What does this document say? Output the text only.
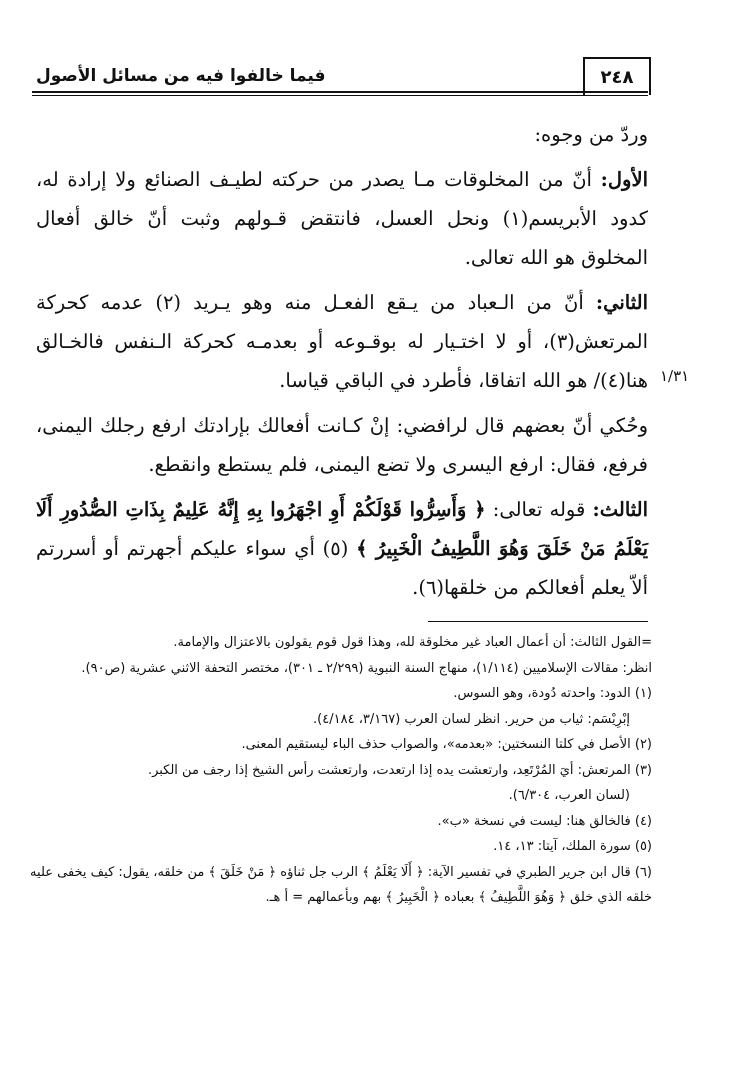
٢٤٨
فيما خالفوا فيه من مسائل الأصول
١/٣١

وردّ من وجوه:

الأول: أنّ من المخلوقات مـا يصدر من حركته لطيـف الصنائع ولا إرادة له، كدود الأبريسم(١) ونحل العسل، فانتقض قـولهم وثبت أنّ خالق أفعال المخلوق هو الله تعالى.

الثاني: أنّ من الـعباد من يـقع الفعـل منه وهو يـريد (٢) عدمه كحركة المرتعش(٣)، أو لا اختـيار له بوقـوعه أو بعدمـه كحركة الـنفس فالخـالق هنا(٤)/ هو الله اتفاقا، فأطرد في الباقي قياسا.

وحُكي أنّ بعضهم قال لرافضي: إنْ كـانت أفعالك بإرادتك ارفع رجلك اليمنى، فرفع، فقال: ارفع اليسرى ولا تضع اليمنى، فلم يستطع وانقطع.

الثالث: قوله تعالى: ﴿ وَأَسِرُّوا قَوْلَكُمْ أَوِ اجْهَرُوا بِهِ إِنَّهُ عَلِيمٌ بِذَاتِ الصُّدُورِ أَلَا يَعْلَمُ مَنْ خَلَقَ وَهُوَ اللَّطِيفُ الْخَبِيرُ ﴾ (٥) أي سواء عليكم أجهرتم أو أسررتم ألاّ يعلم أفعالكم من خلقها(٦).

=القول الثالث: أن أعمال العباد غير مخلوقة لله، وهذا قول قوم يقولون بالاعتزال والإمامة.

انظر: مقالات الإسلاميين (١/١١٤)، منهاج السنة النبوية (٢/٢٩٩ ـ ٣٠١)، مختصر التحفة الاثني عشرية (ص٩٠).

(١) الدود: واحدته دُودة، وهو السوس.

إبْرِيْسَم: ثياب من حرير. انظر لسان العرب (٣/١٦٧، ٤/١٨٤).

(٢) الأصل في كلتا النسختين: «بعدمه»، والصواب حذف الباء ليستقيم المعنى.

(٣) المرتعش: أيَ المُرْتَعِد، وارتعشت يده إذا ارتعدت، وارتعشت رأس الشيخ إذا رجف من الكبر.

(لسان العرب، ٦/٣٠٤).

(٤) فالخالق هنا: ليست في نسخة «ب».

(٥) سورة الملك، آيتا: ١٣، ١٤.

(٦) قال ابن جرير الطبري في تفسير الآية: ﴿ أَلَا يَعْلَمُ ﴾ الرب جل ثناؤه ﴿ مَنْ خَلَقَ ﴾ من خلقه، يقول: كيف يخفى عليه خلقه الذي خلق ﴿ وَهُوَ اللَّطِيفُ ﴾ بعباده ﴿ الْخَبِيرُ ﴾ بهم وبأعمالهم = أ هـ.
